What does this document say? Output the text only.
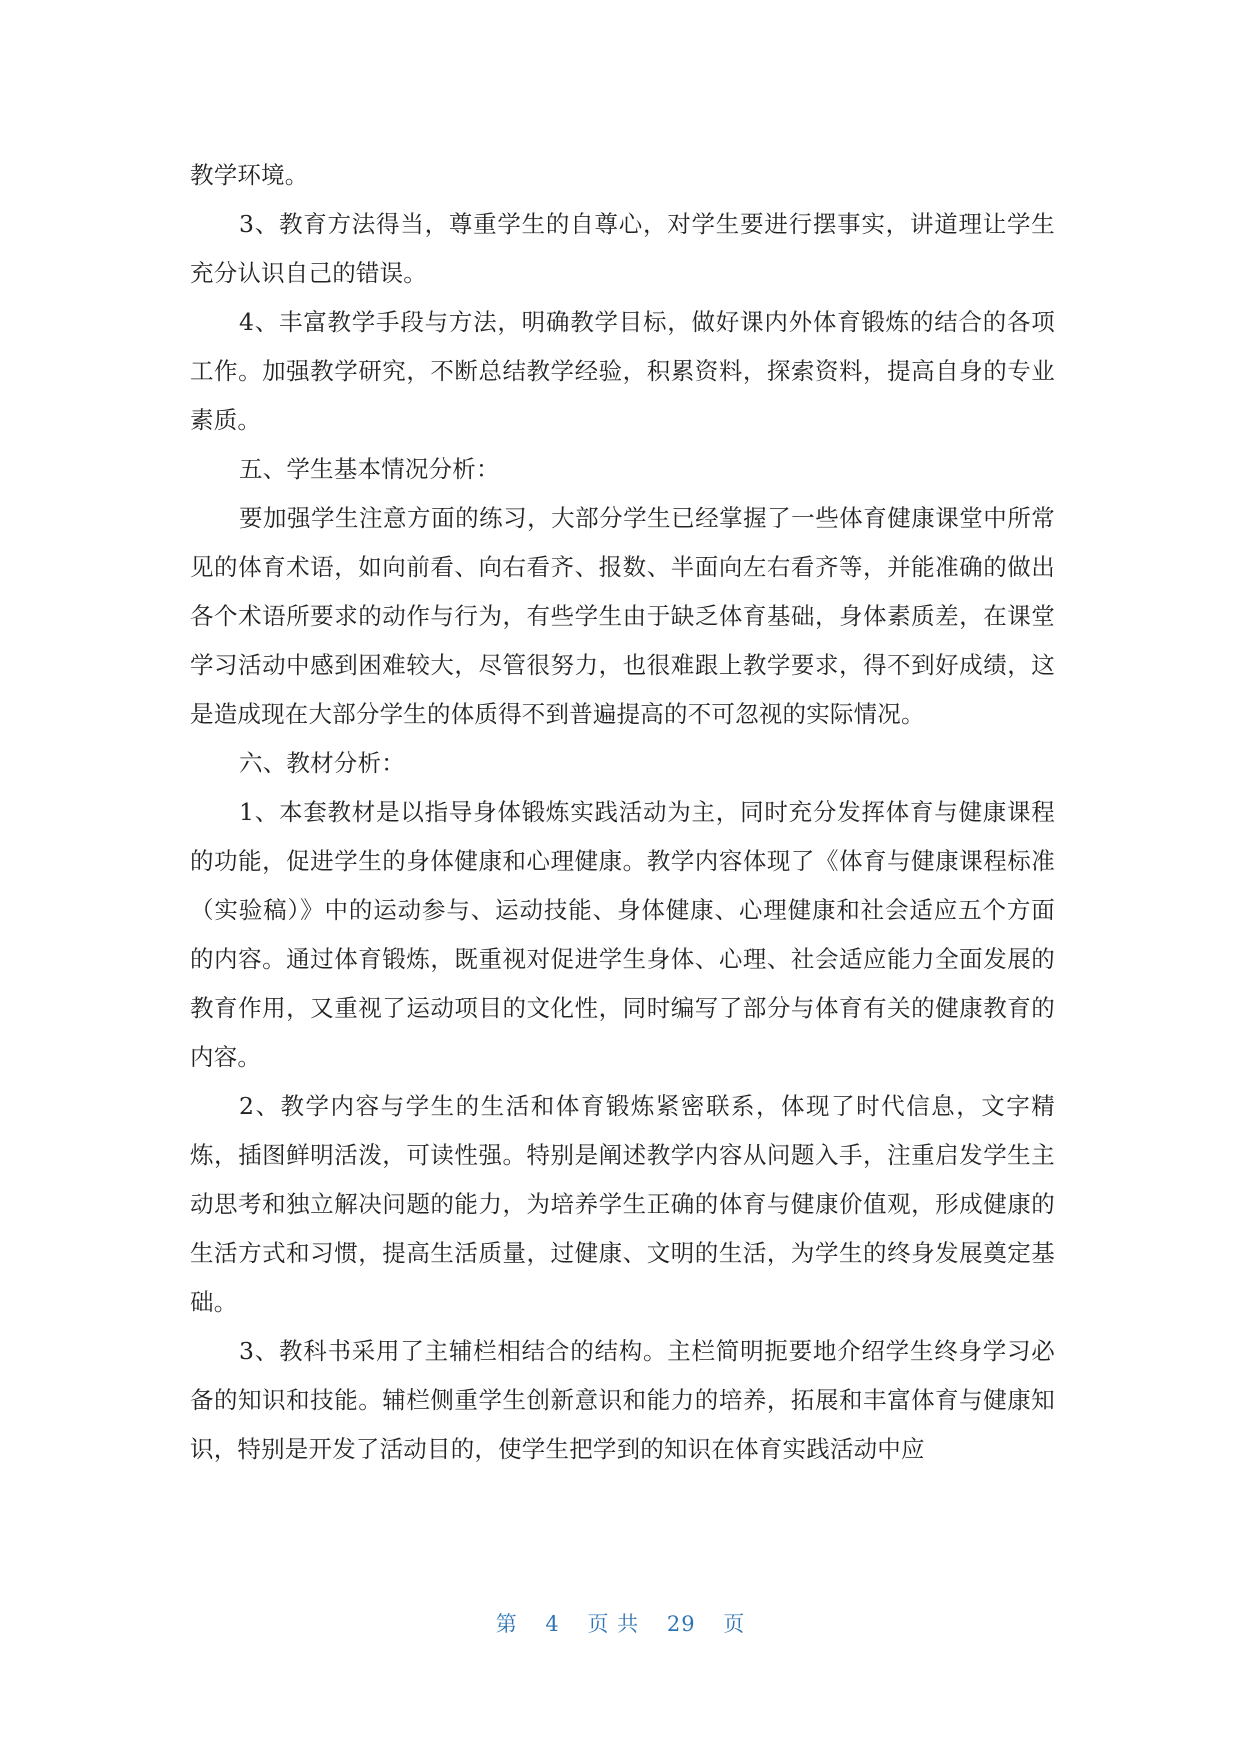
教学环境。

3、教育方法得当，尊重学生的自尊心，对学生要进行摆事实，讲道理让学生充分认识自己的错误。

4、丰富教学手段与方法，明确教学目标，做好课内外体育锻炼的结合的各项工作。加强教学研究，不断总结教学经验，积累资料，探索资料，提高自身的专业素质。

五、学生基本情况分析：

要加强学生注意方面的练习，大部分学生已经掌握了一些体育健康课堂中所常见的体育术语，如向前看、向右看齐、报数、半面向左右看齐等，并能准确的做出各个术语所要求的动作与行为，有些学生由于缺乏体育基础，身体素质差，在课堂学习活动中感到困难较大，尽管很努力，也很难跟上教学要求，得不到好成绩，这是造成现在大部分学生的体质得不到普遍提高的不可忽视的实际情况。

六、教材分析：

1、本套教材是以指导身体锻炼实践活动为主，同时充分发挥体育与健康课程的功能，促进学生的身体健康和心理健康。教学内容体现了《体育与健康课程标准（实验稿）》中的运动参与、运动技能、身体健康、心理健康和社会适应五个方面的内容。通过体育锻炼，既重视对促进学生身体、心理、社会适应能力全面发展的教育作用，又重视了运动项目的文化性，同时编写了部分与体育有关的健康教育的内容。

2、教学内容与学生的生活和体育锻炼紧密联系，体现了时代信息，文字精炼，插图鲜明活泼，可读性强。特别是阐述教学内容从问题入手，注重启发学生主动思考和独立解决问题的能力，为培养学生正确的体育与健康价值观，形成健康的生活方式和习惯，提高生活质量，过健康、文明的生活，为学生的终身发展奠定基础。

3、教科书采用了主辅栏相结合的结构。主栏简明扼要地介绍学生终身学习必备的知识和技能。辅栏侧重学生创新意识和能力的培养，拓展和丰富体育与健康知识，特别是开发了活动目的，使学生把学到的知识在体育实践活动中应

第 4 页 共 29 页
